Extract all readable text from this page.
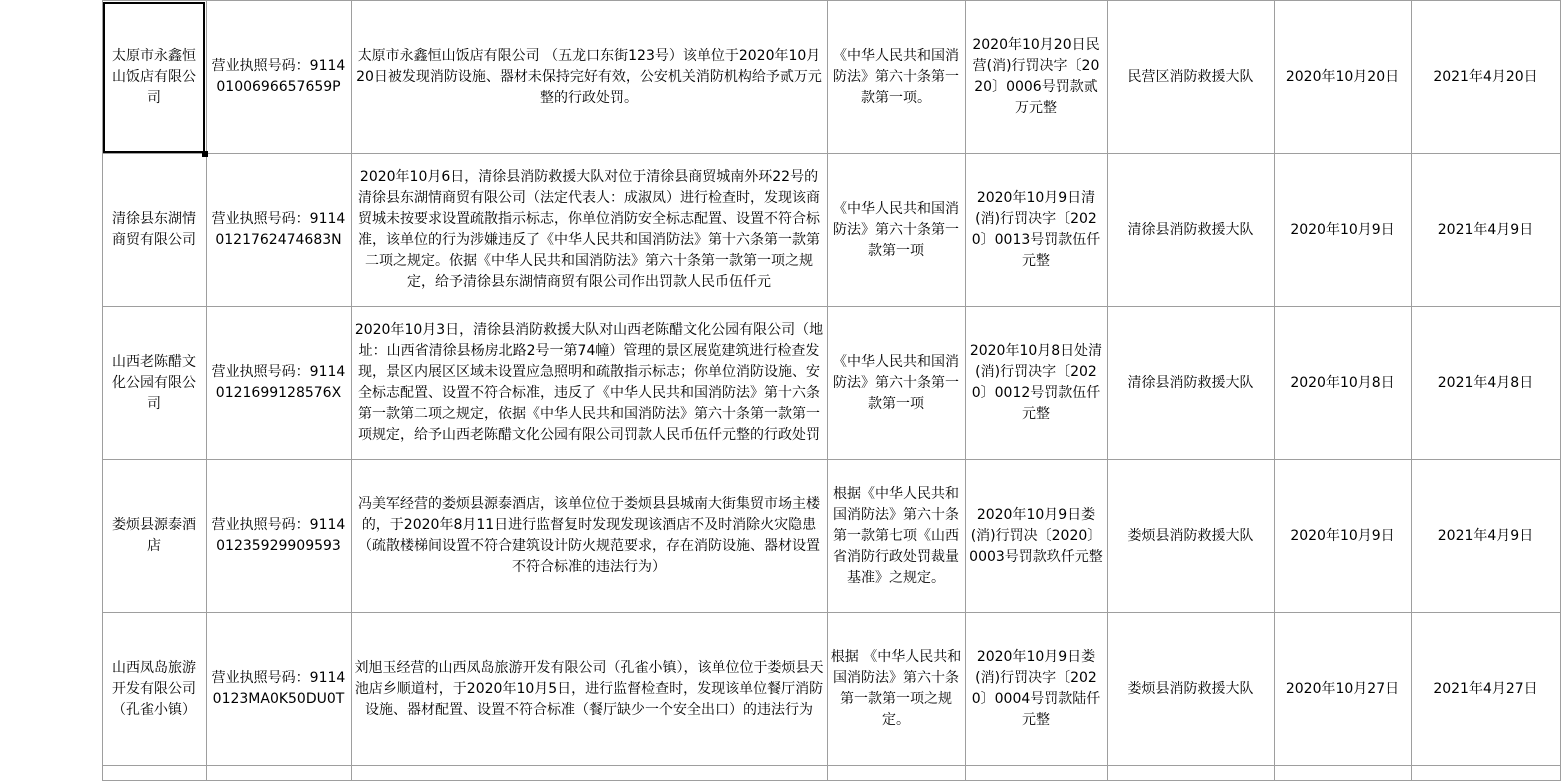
	太原市永鑫恒山饭店有限公司	营业执照号码：91140100696657659P	太原市永鑫恒山饭店有限公司 （五龙口东街123号）该单位于2020年10月20日被发现消防设施、器材未保持完好有效，公安机关消防机构给予贰万元整的行政处罚。	《中华人民共和国消防法》第六十条第一款第一项。	2020年10月20日民营(消)行罚决字〔2020〕0006号罚款贰万元整	民营区消防救援大队	2020年10月20日	2021年4月20日
	清徐县东湖情商贸有限公司	营业执照号码：91140121762474683N	2020年10月6日，清徐县消防救援大队对位于清徐县商贸城南外环22号的清徐县东湖情商贸有限公司（法定代表人：成淑凤）进行检查时，发现该商贸城未按要求设置疏散指示标志，你单位消防安全标志配置、设置不符合标准，该单位的行为涉嫌违反了《中华人民共和国消防法》第十六条第一款第二项之规定。依据《中华人民共和国消防法》第六十条第一款第一项之规定，给予清徐县东湖情商贸有限公司作出罚款人民币伍仟元	《中华人民共和国消防法》第六十条第一款第一项	2020年10月9日清(消)行罚决字〔2020〕0013号罚款伍仟元整	清徐县消防救援大队	2020年10月9日	2021年4月9日
	山西老陈醋文化公园有限公司	营业执照号码：91140121699128576X	2020年10月3日，清徐县消防救援大队对山西老陈醋文化公园有限公司（地址：山西省清徐县杨房北路2号一第74幢）管理的景区展览建筑进行检查发现，景区内展区区域未设置应急照明和疏散指示标志；你单位消防设施、安全标志配置、设置不符合标准，违反了《中华人民共和国消防法》第十六条第一款第二项之规定，依据《中华人民共和国消防法》第六十条第一款第一项规定，给予山西老陈醋文化公园有限公司罚款人民币伍仟元整的行政处罚	《中华人民共和国消防法》第六十条第一款第一项	2020年10月8日处清(消)行罚决字〔2020〕0012号罚款伍仟元整	清徐县消防救援大队	2020年10月8日	2021年4月8日
	娄烦县源泰酒店	营业执照号码：911401235929909593	冯美军经营的娄烦县源泰酒店，该单位位于娄烦县县城南大街集贸市场主楼的，于2020年8月11日进行监督复时发现发现该酒店不及时消除火灾隐患（疏散楼梯间设置不符合建筑设计防火规范要求，存在消防设施、器材设置不符合标准的违法行为）	根据《中华人民共和国消防法》第六十条第一款第七项《山西省消防行政处罚裁量基准》之规定。	2020年10月9日娄(消)行罚决〔2020〕0003号罚款玖仟元整	娄烦县消防救援大队	2020年10月9日	2021年4月9日
	山西凤岛旅游开发有限公司（孔雀小镇）	营业执照号码：91140123MA0K50DU0T	刘旭玉经营的山西凤岛旅游开发有限公司（孔雀小镇），该单位位于娄烦县天池店乡顺道村，于2020年10月5日，进行监督检查时，发现该单位餐厅消防设施、器材配置、设置不符合标准（餐厅缺少一个安全出口）的违法行为	根据 《中华人民共和国消防法》第六十条第一款第一项之规 定。	2020年10月9日娄(消)行罚决字〔2020〕0004号罚款陆仟元整	娄烦县消防救援大队	2020年10月27日	2021年4月27日
